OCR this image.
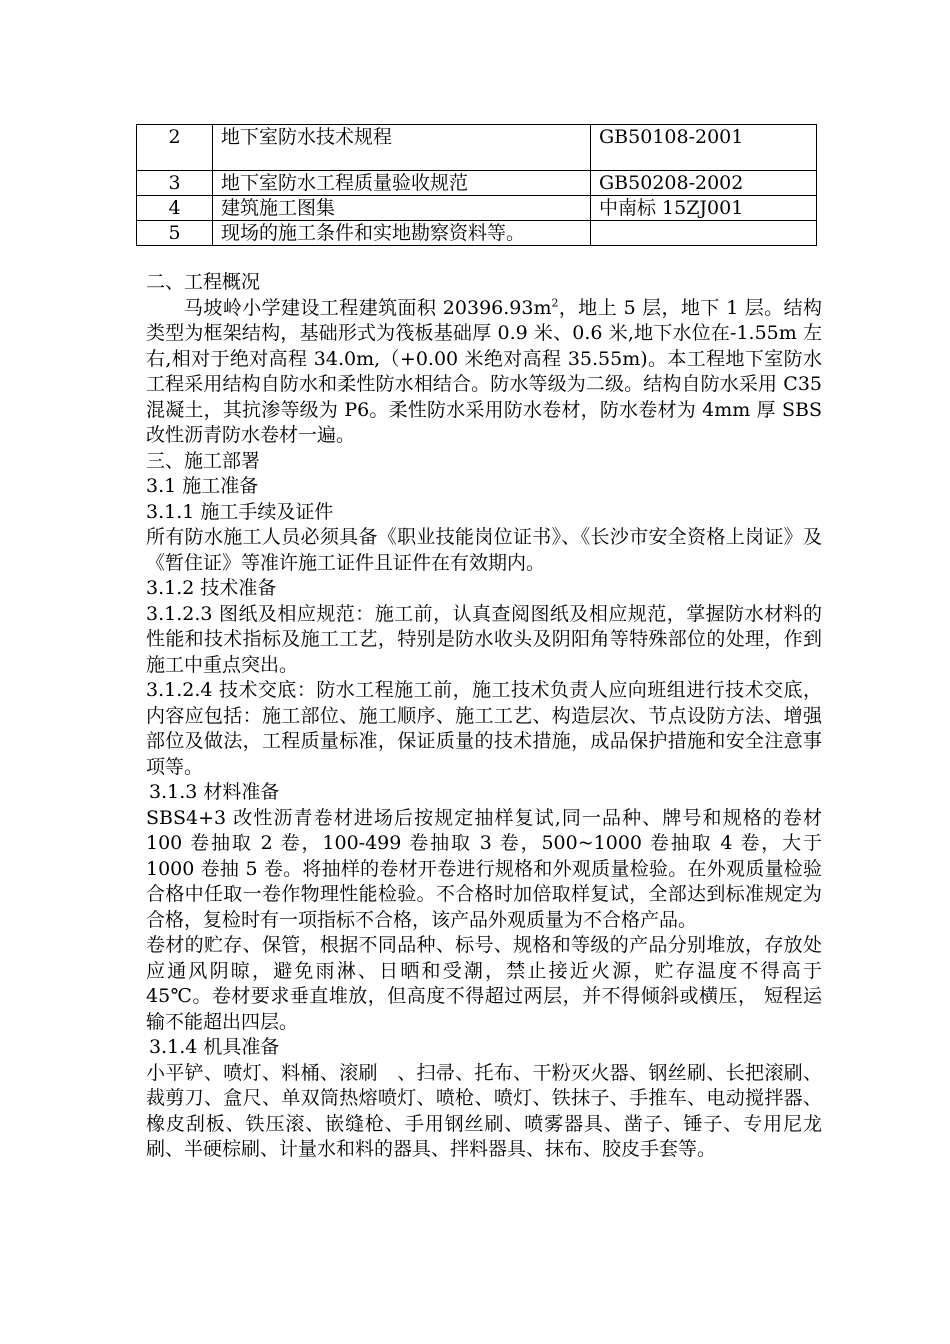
2	地下室防水技术规程	GB50108-2001
3	地下室防水工程质量验收规范	GB50208-2002
4	建筑施工图集	中南标 15ZJ001
5	现场的施工条件和实地勘察资料等。	

二、工程概况

马坡岭小学建设工程建筑面积 $20396.93m^2$，地上 5 层，地下 1 层。结构类型为框架结构，基础形式为筏板基础厚 0.9 米、0.6 米,地下水位在-1.55m 左右,相对于绝对高程 34.0m,（+0.00 米绝对高程 35.55m)。本工程地下室防水工程采用结构自防水和柔性防水相结合。防水等级为二级。结构自防水采用 C35 混凝土，其抗渗等级为 P6。柔性防水采用防水卷材，防水卷材为 4mm 厚 SBS 改性沥青防水卷材一遍。

三、施工部署

3.1 施工准备

3.1.1 施工手续及证件

所有防水施工人员必须具备《职业技能岗位证书》、《长沙市安全资格上岗证》及《暂住证》等准许施工证件且证件在有效期内。

3.1.2 技术准备

3.1.2.3 图纸及相应规范：施工前，认真查阅图纸及相应规范，掌握防水材料的性能和技术指标及施工工艺，特别是防水收头及阴阳角等特殊部位的处理，作到施工中重点突出。

3.1.2.4 技术交底：防水工程施工前，施工技术负责人应向班组进行技术交底，内容应包括：施工部位、施工顺序、施工工艺、构造层次、节点设防方法、增强部位及做法，工程质量标准，保证质量的技术措施，成品保护措施和安全注意事项等。

3.1.3 材料准备

SBS4+3 改性沥青卷材进场后按规定抽样复试,同一品种、牌号和规格的卷材 100 卷抽取 2 卷，100-499 卷抽取 3 卷，500~1000 卷抽取 4 卷，大于 1000 卷抽 5 卷。将抽样的卷材开卷进行规格和外观质量检验。在外观质量检验合格中任取一卷作物理性能检验。不合格时加倍取样复试，全部达到标准规定为合格，复检时有一项指标不合格，该产品外观质量为不合格产品。

卷材的贮存、保管，根据不同品种、标号、规格和等级的产品分别堆放，存放处应通风阴晾，避免雨淋、日晒和受潮，禁止接近火源，贮存温度不得高于 45℃。卷材要求垂直堆放，但高度不得超过两层，并不得倾斜或横压， 短程运输不能超出四层。

3.1.4 机具准备

小平铲、喷灯、料桶、滚刷　、扫帚、托布、干粉灭火器、钢丝刷、长把滚刷、裁剪刀、盒尺、单双筒热熔喷灯、喷枪、喷灯、铁抹子、手推车、电动搅拌器、橡皮刮板、铁压滚、嵌缝枪、手用钢丝刷、喷雾器具、凿子、锤子、专用尼龙刷、半硬棕刷、计量水和料的器具、拌料器具、抹布、胶皮手套等。
